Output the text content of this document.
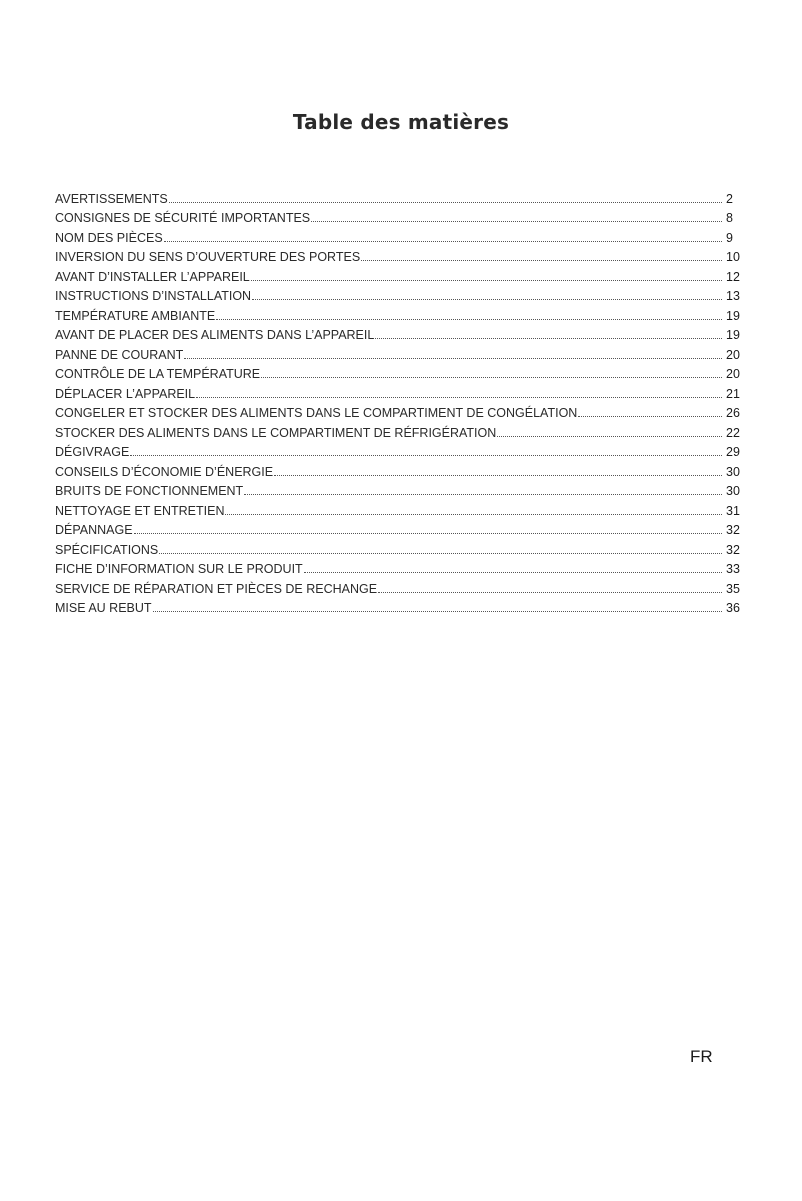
Table des matières
AVERTISSEMENTS	2
CONSIGNES DE SÉCURITÉ IMPORTANTES	8
NOM DES PIÈCES	9
INVERSION DU SENS D’OUVERTURE DES PORTES	10
AVANT D’INSTALLER L’APPAREIL	12
INSTRUCTIONS D’INSTALLATION	13
TEMPÉRATURE AMBIANTE	19
AVANT DE PLACER DES ALIMENTS DANS L’APPAREIL	19
PANNE DE COURANT	20
CONTRÔLE DE LA TEMPÉRATURE	20
DÉPLACER L’APPAREIL	21
CONGELER ET STOCKER DES ALIMENTS DANS LE COMPARTIMENT DE CONGÉLATION	26
STOCKER DES ALIMENTS DANS LE COMPARTIMENT DE RÉFRIGÉRATION	22
DÉGIVRAGE	29
CONSEILS D’ÉCONOMIE D’ÉNERGIE	30
BRUITS DE FONCTIONNEMENT	30
NETTOYAGE ET ENTRETIEN	31
DÉPANNAGE	32
SPÉCIFICATIONS	32
FICHE D’INFORMATION SUR LE PRODUIT	33
SERVICE DE RÉPARATION ET PIÈCES DE RECHANGE	35
MISE AU REBUT	36
FR
